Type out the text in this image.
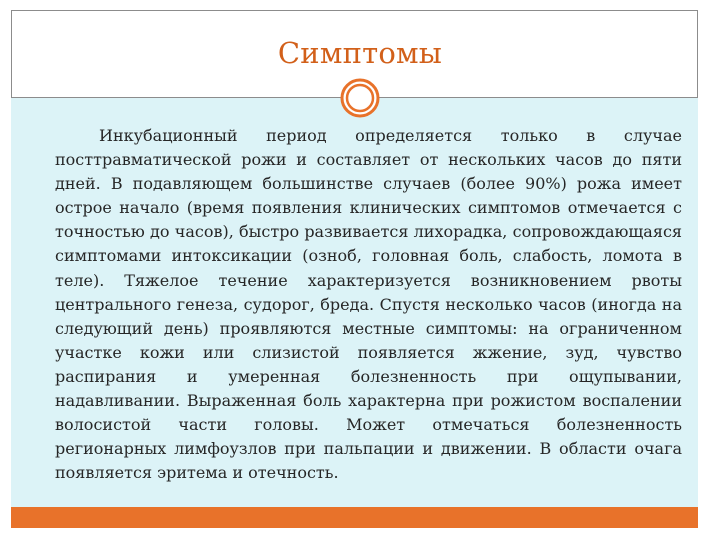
Симптомы
Инкубационный период определяется только в случае посттравматической рожи и составляет от нескольких часов до пяти дней. В подавляющем большинстве случаев (более 90%) рожа имеет острое начало (время появления клинических симптомов отмечается с точностью до часов), быстро развивается лихорадка, сопровождающаяся симптомами интоксикации (озноб, головная боль, слабость, ломота в теле). Тяжелое течение характеризуется возникновением рвоты центрального генеза, судорог, бреда. Спустя несколько часов (иногда на следующий день) проявляются местные симптомы: на ограниченном участке кожи или слизистой появляется жжение, зуд, чувство распирания и умеренная болезненность при ощупывании, надавливании. Выраженная боль характерна при рожистом воспалении волосистой части головы. Может отмечаться болезненность регионарных лимфоузлов при пальпации и движении. В области очага появляется эритема и отечность.
